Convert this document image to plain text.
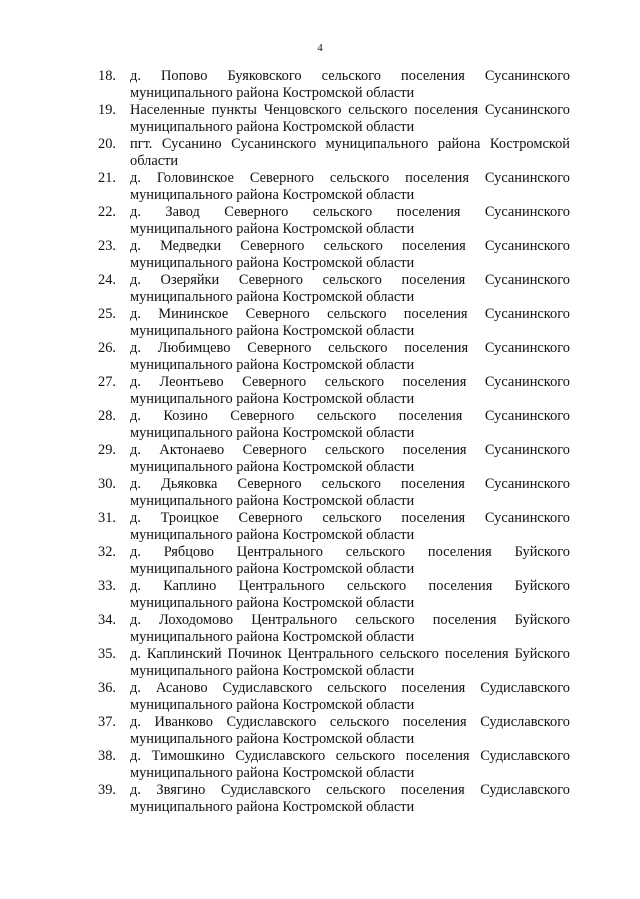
4
18. д. Попово Буяковского сельского поселения Сусанинского муниципального района Костромской области
19. Населенные пункты Ченцовского сельского поселения Сусанинского муниципального района Костромской области
20. пгт. Сусанино Сусанинского муниципального района Костромской области
21. д. Головинское Северного сельского поселения Сусанинского муниципального района Костромской области
22. д. Завод Северного сельского поселения Сусанинского муниципального района Костромской области
23. д. Медведки Северного сельского поселения Сусанинского муниципального района Костромской области
24. д. Озеряйки Северного сельского поселения Сусанинского муниципального района Костромской области
25. д. Мининское Северного сельского поселения Сусанинского муниципального района Костромской области
26. д. Любимцево Северного сельского поселения Сусанинского муниципального района Костромской области
27. д. Леонтьево Северного сельского поселения Сусанинского муниципального района Костромской области
28. д. Козино Северного сельского поселения Сусанинского муниципального района Костромской области
29. д. Актонаево Северного сельского поселения Сусанинского муниципального района Костромской области
30. д. Дьяковка Северного сельского поселения Сусанинского муниципального района Костромской области
31. д. Троицкое Северного сельского поселения Сусанинского муниципального района Костромской области
32. д. Рябцово Центрального сельского поселения Буйского муниципального района Костромской области
33. д. Каплино Центрального сельского поселения Буйского муниципального района Костромской области
34. д. Лоходомово Центрального сельского поселения Буйского муниципального района Костромской области
35. д. Каплинский Починок Центрального сельского поселения Буйского муниципального района Костромской области
36. д. Асаново Судиславского сельского поселения Судиславского муниципального района Костромской области
37. д. Иванково Судиславского сельского поселения Судиславского муниципального района Костромской области
38. д. Тимошкино Судиславского сельского поселения Судиславского муниципального района Костромской области
39. д. Звягино Судиславского сельского поселения Судиславского муниципального района Костромской области
